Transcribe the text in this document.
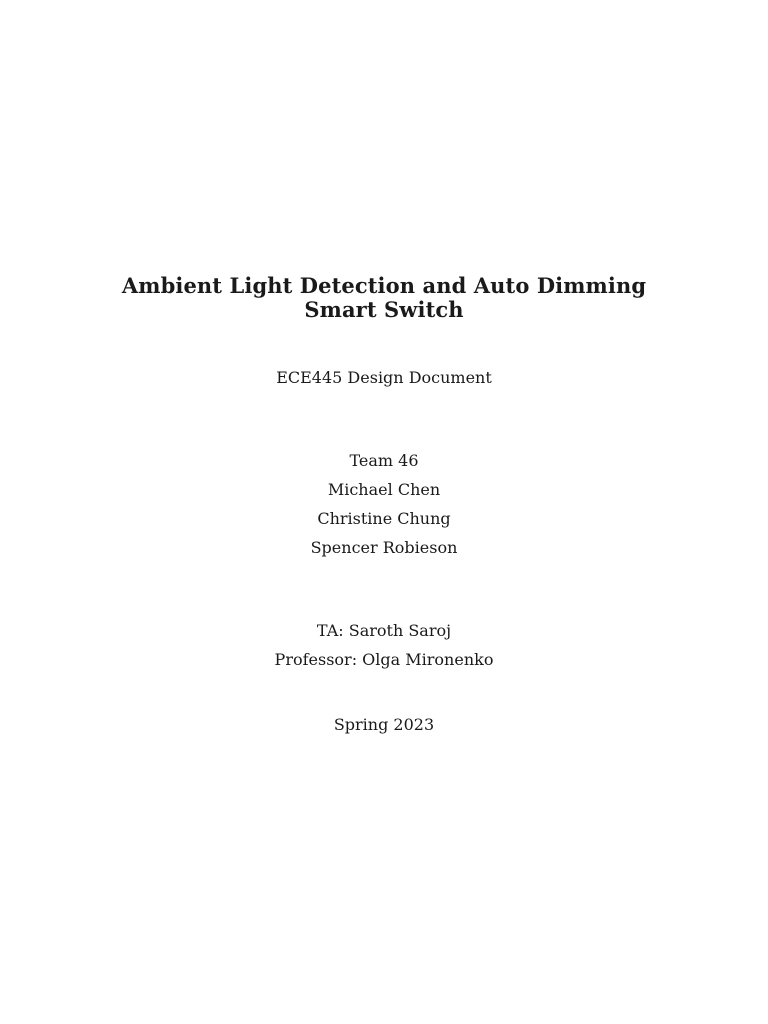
Ambient Light Detection and Auto Dimming Smart Switch

ECE445 Design Document

Team 46

Michael Chen

Christine Chung

Spencer Robieson

TA: Saroth Saroj

Professor: Olga Mironenko

Spring 2023
